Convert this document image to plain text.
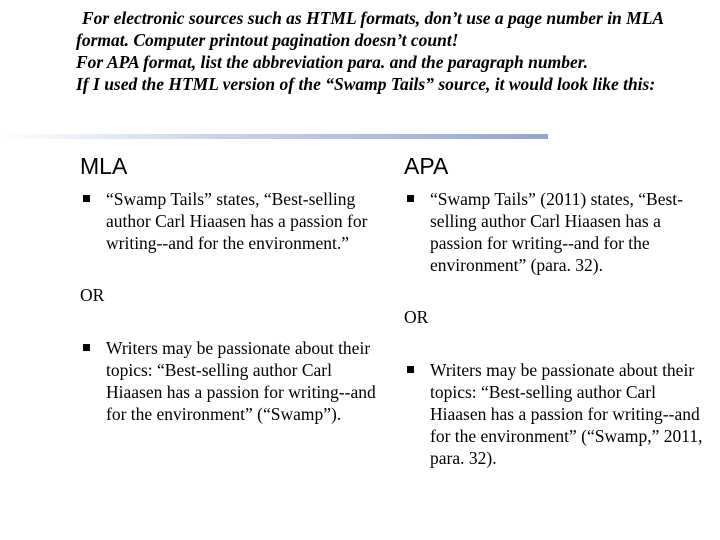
For electronic sources such as HTML formats, don’t use a page number in MLA format. Computer printout pagination doesn’t count!

For APA format, list the abbreviation para. and the paragraph number.

If I used the HTML version of the “Swamp Tails” source, it would look like this:

MLA
“Swamp Tails” states, “Best-selling author Carl Hiaasen has a passion for writing--and for the environment.”
OR
Writers may be passionate about their topics: “Best-selling author Carl Hiaasen has a passion for writing--and for the environment” (“Swamp”).
APA
“Swamp Tails” (2011) states, “Best-selling author Carl Hiaasen has a passion for writing--and for the environment” (para. 32).
OR
Writers may be passionate about their topics: “Best-selling author Carl Hiaasen has a passion for writing--and for the environment” (“Swamp,” 2011, para. 32).
